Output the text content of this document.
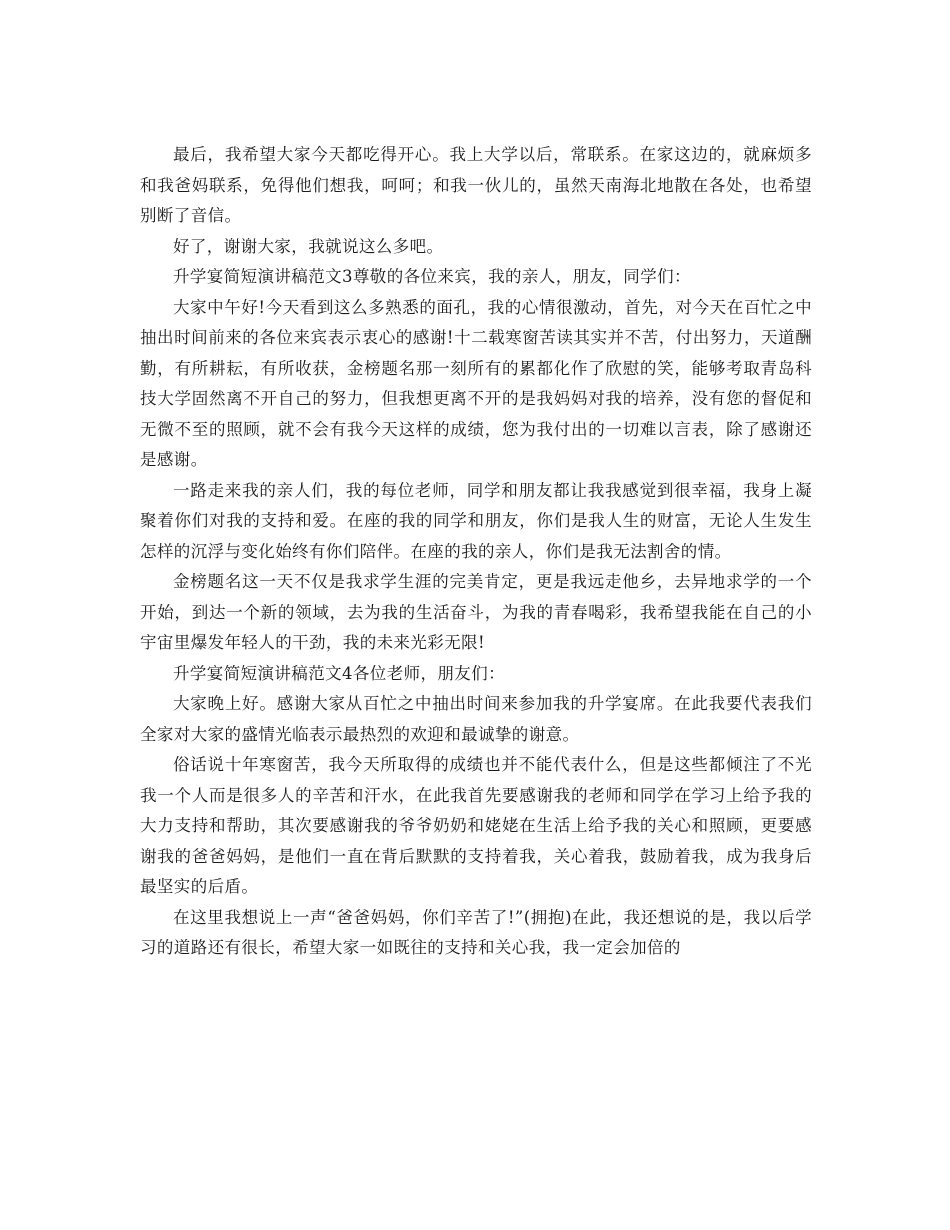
最后，我希望大家今天都吃得开心。我上大学以后，常联系。在家这边的，就麻烦多和我爸妈联系，免得他们想我，呵呵；和我一伙儿的，虽然天南海北地散在各处，也希望别断了音信。

好了，谢谢大家，我就说这么多吧。

升学宴简短演讲稿范文3尊敬的各位来宾，我的亲人，朋友，同学们：

大家中午好!今天看到这么多熟悉的面孔，我的心情很激动，首先，对今天在百忙之中抽出时间前来的各位来宾表示衷心的感谢!十二载寒窗苦读其实并不苦，付出努力，天道酬勤，有所耕耘，有所收获，金榜题名那一刻所有的累都化作了欣慰的笑，能够考取青岛科技大学固然离不开自己的努力，但我想更离不开的是我妈妈对我的培养，没有您的督促和无微不至的照顾，就不会有我今天这样的成绩，您为我付出的一切难以言表，除了感谢还是感谢。

一路走来我的亲人们，我的每位老师，同学和朋友都让我我感觉到很幸福，我身上凝聚着你们对我的支持和爱。在座的我的同学和朋友，你们是我人生的财富，无论人生发生怎样的沉浮与变化始终有你们陪伴。在座的我的亲人，你们是我无法割舍的情。

金榜题名这一天不仅是我求学生涯的完美肯定，更是我远走他乡，去异地求学的一个开始，到达一个新的领域，去为我的生活奋斗，为我的青春喝彩，我希望我能在自己的小宇宙里爆发年轻人的干劲，我的未来光彩无限!

升学宴简短演讲稿范文4各位老师，朋友们：

大家晚上好。感谢大家从百忙之中抽出时间来参加我的升学宴席。在此我要代表我们全家对大家的盛情光临表示最热烈的欢迎和最诚挚的谢意。

俗话说十年寒窗苦，我今天所取得的成绩也并不能代表什么，但是这些都倾注了不光我一个人而是很多人的辛苦和汗水，在此我首先要感谢我的老师和同学在学习上给予我的大力支持和帮助，其次要感谢我的爷爷奶奶和姥姥在生活上给予我的关心和照顾，更要感谢我的爸爸妈妈，是他们一直在背后默默的支持着我，关心着我，鼓励着我，成为我身后最坚实的后盾。

在这里我想说上一声“爸爸妈妈，你们辛苦了!”(拥抱)在此，我还想说的是，我以后学习的道路还有很长，希望大家一如既往的支持和关心我，我一定会加倍的
